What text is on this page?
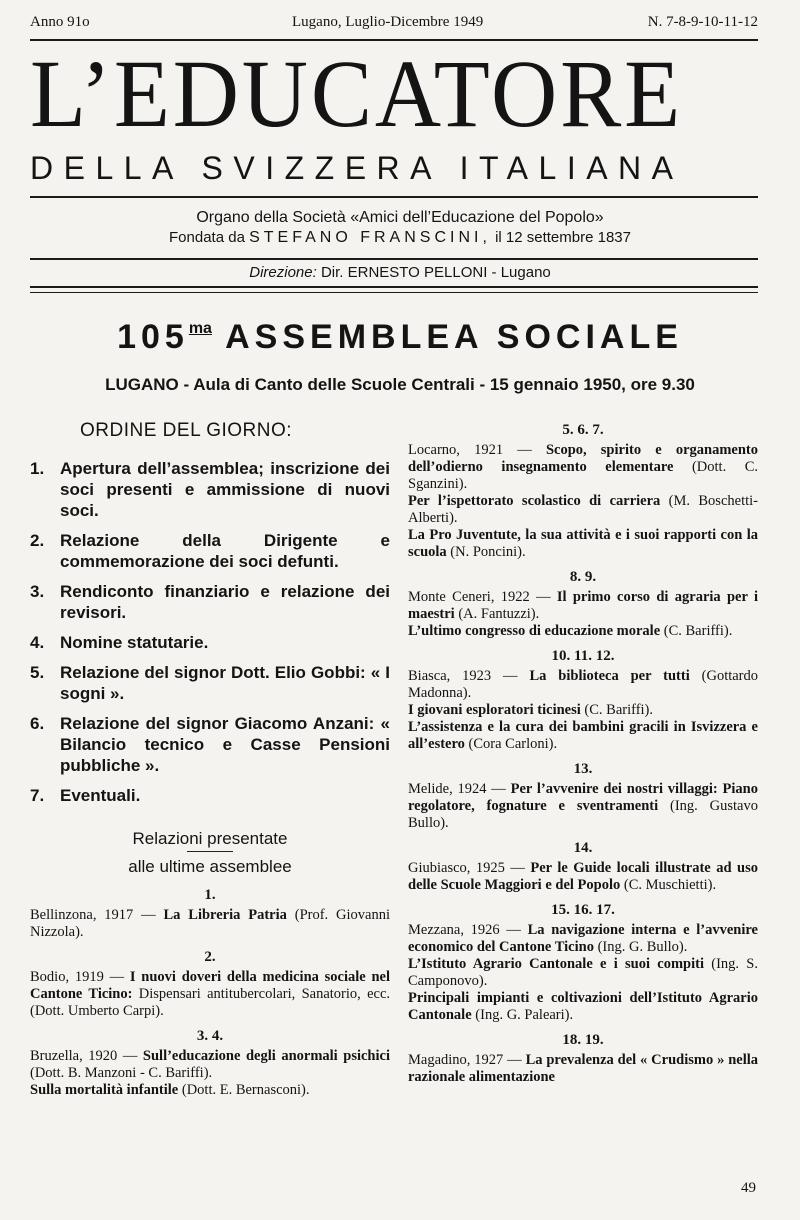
Anno 91o	Lugano, Luglio-Dicembre 1949	N. 7-8-9-10-11-12
L’EDUCATORE
DELLA SVIZZERA ITALIANA
Organo della Società «Amici dell’Educazione del Popolo»
Fondata da STEFANO FRANSCINI, il 12 settembre 1837
Direzione: Dir. ERNESTO PELLONI - Lugano
$105^{ma}$ ASSEMBLEA SOCIALE
LUGANO - Aula di Canto delle Scuole Centrali - 15 gennaio 1950, ore 9.30
ORDINE DEL GIORNO:
1. Apertura dell’assemblea; inscrizione dei soci presenti e ammissione di nuovi soci.
2. Relazione della Dirigente e commemorazione dei soci defunti.
3. Rendiconto finanziario e relazione dei revisori.
4. Nomine statutarie.
5. Relazione del signor Dott. Elio Gobbi: « I sogni ».
6. Relazione del signor Giacomo Anzani: « Bilancio tecnico e Casse Pensioni pubbliche ».
7. Eventuali.
Relazioni presentate
alle ultime assemblee
1.

Bellinzona, 1917 — La Libreria Patria (Prof. Giovanni Nizzola).

2.

Bodio, 1919 — I nuovi doveri della medicina sociale nel Cantone Ticino: Dispensari antitubercolari, Sanatorio, ecc. (Dott. Umberto Carpi).

3. 4.

Bruzella, 1920 — Sull’educazione degli anormali psichici (Dott. B. Manzoni - C. Bariffi).

Sulla mortalità infantile (Dott. E. Bernasconi).

5. 6. 7.

Locarno, 1921 — Scopo, spirito e organamento dell’odierno insegnamento elementare (Dott. C. Sganzini).

Per l’ispettorato scolastico di carriera (M. Boschetti-Alberti).

La Pro Juventute, la sua attività e i suoi rapporti con la scuola (N. Poncini).

8. 9.

Monte Ceneri, 1922 — Il primo corso di agraria per i maestri (A. Fantuzzi).

L’ultimo congresso di educazione morale (C. Bariffi).

10. 11. 12.

Biasca, 1923 — La biblioteca per tutti (Gottardo Madonna).

I giovani esploratori ticinesi (C. Bariffi).

L’assistenza e la cura dei bambini gracili in Isvizzera e all’estero (Cora Carloni).

13.

Melide, 1924 — Per l’avvenire dei nostri villaggi: Piano regolatore, fognature e sventramenti (Ing. Gustavo Bullo).

14.

Giubiasco, 1925 — Per le Guide locali illustrate ad uso delle Scuole Maggiori e del Popolo (C. Muschietti).

15. 16. 17.

Mezzana, 1926 — La navigazione interna e l’avvenire economico del Cantone Ticino (Ing. G. Bullo).

L’Istituto Agrario Cantonale e i suoi compiti (Ing. S. Camponovo).

Principali impianti e coltivazioni dell’Istituto Agrario Cantonale (Ing. G. Paleari).

18. 19.

Magadino, 1927 — La prevalenza del « Crudismo » nella razionale alimentazione

49
